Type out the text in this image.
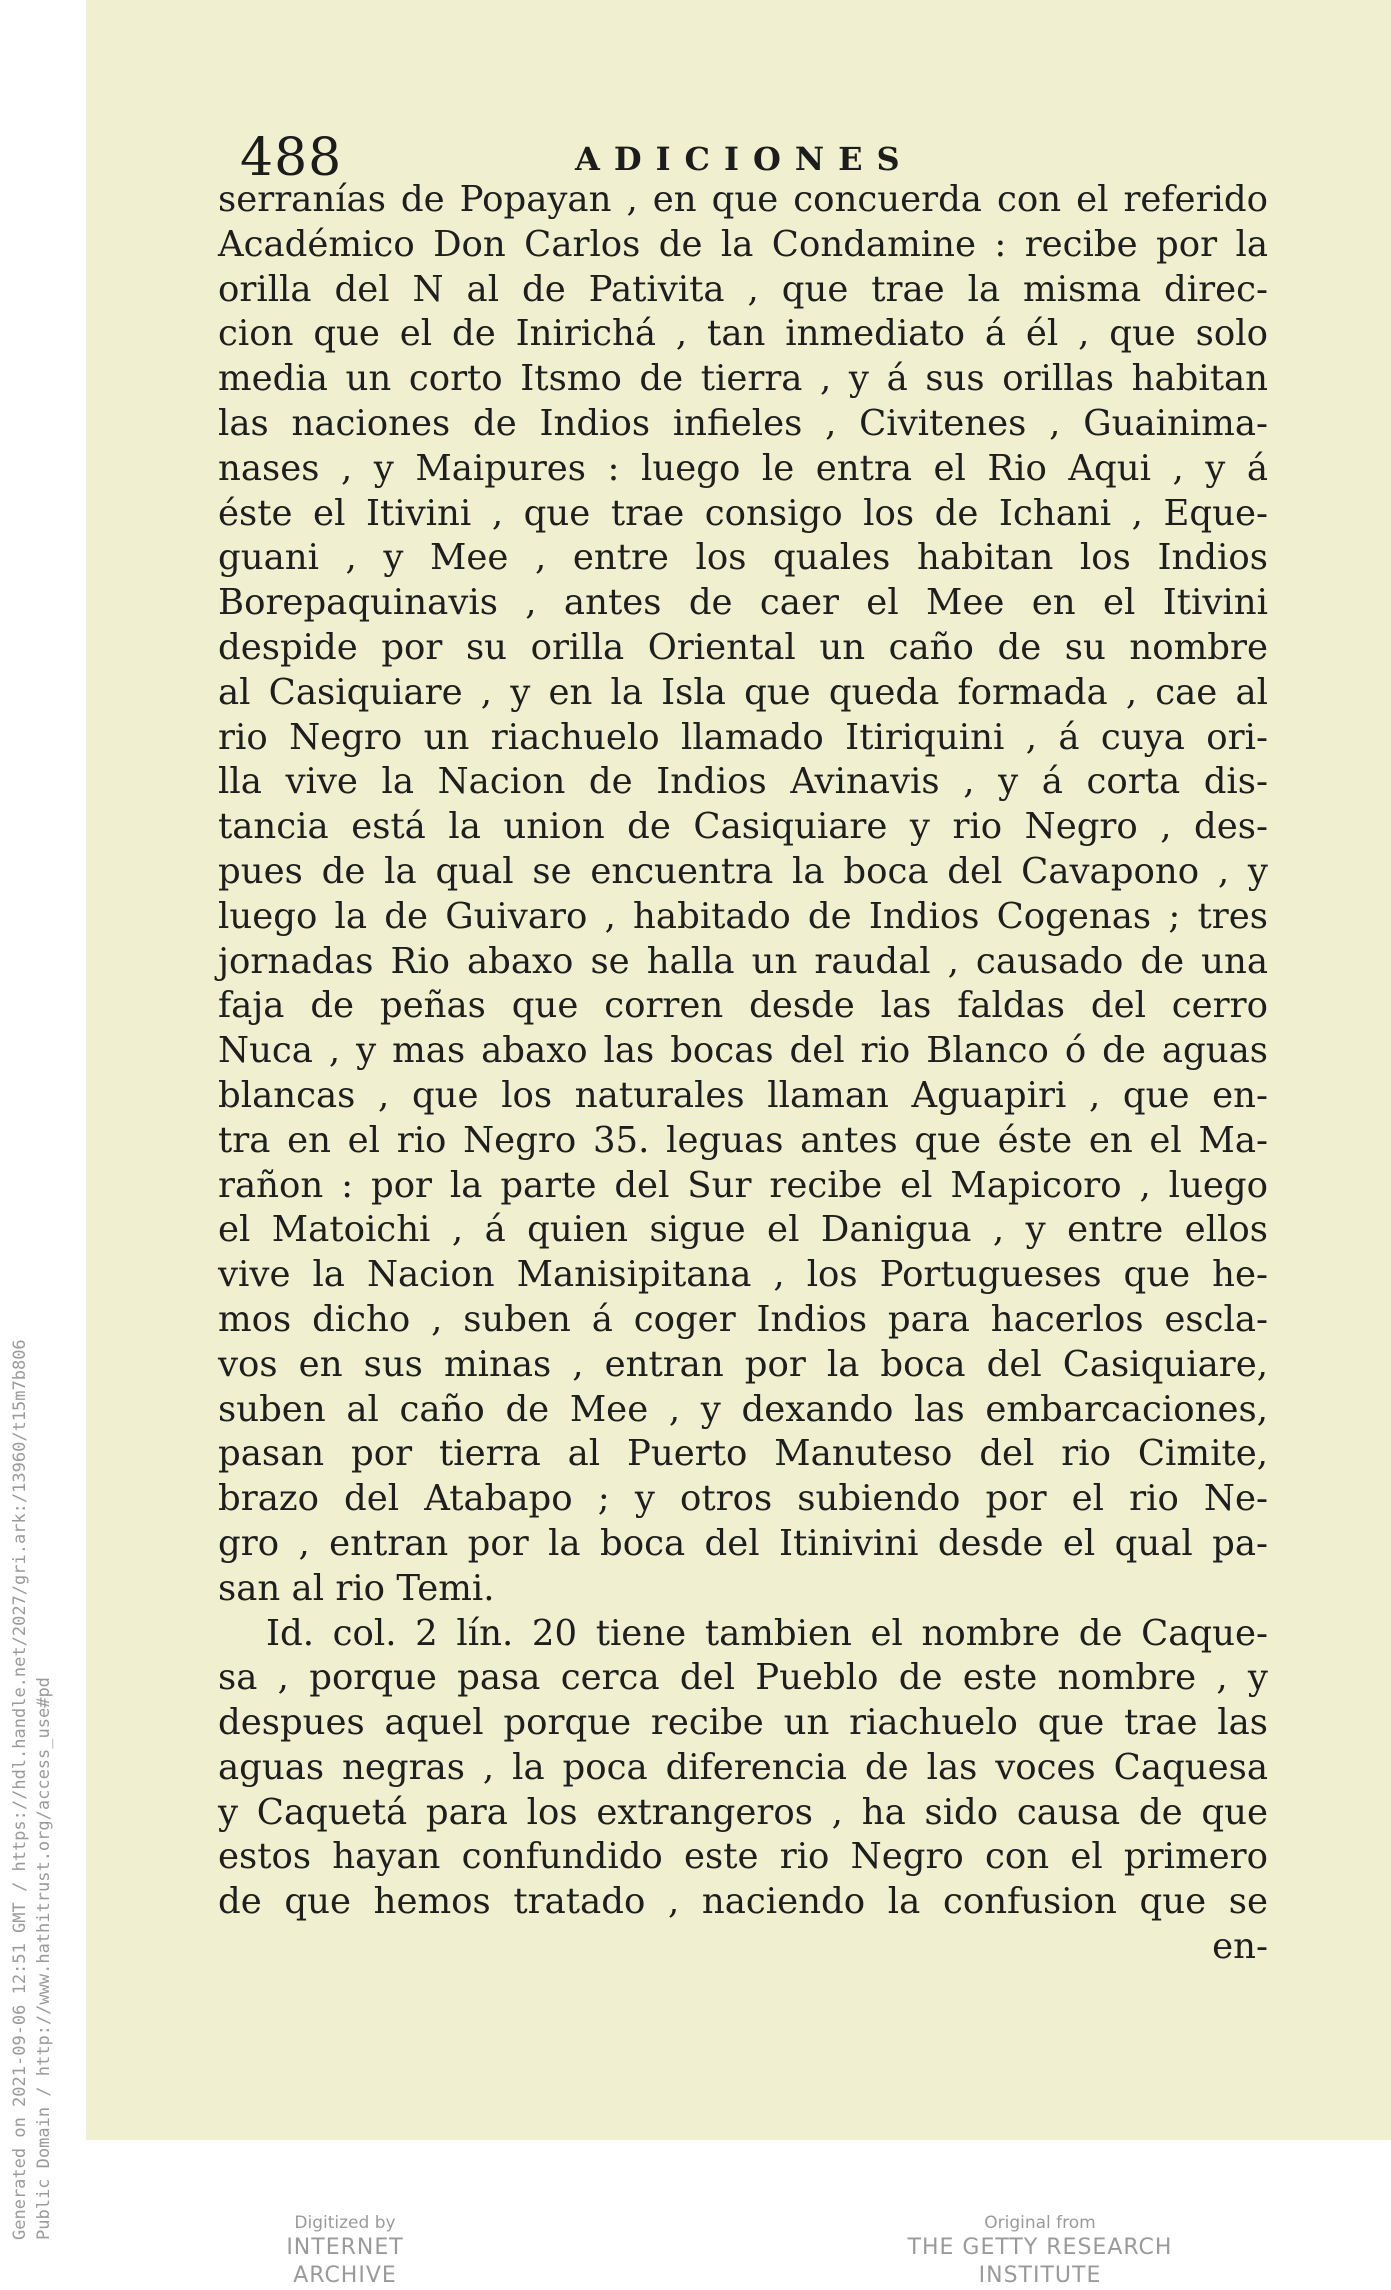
488	ADICIONES
serranías de Popayan , en que concuerda con el referido
Académico Don Carlos de la Condamine : recibe por la
orilla del N al de Pativita , que trae la misma direc-
cion que el de Inirichá , tan inmediato á él , que solo
media un corto Itsmo de tierra , y á sus orillas habitan
las naciones de Indios infieles , Civitenes , Guainima-
nases , y Maipures : luego le entra el Rio Aqui , y á
éste el Itivini , que trae consigo los de Ichani , Eque-
guani , y Mee , entre los quales habitan los Indios
Borepaquinavis , antes de caer el Mee en el Itivini
despide por su orilla Oriental un caño de su nombre
al Casiquiare , y en la Isla que queda formada , cae al
rio Negro un riachuelo llamado Itiriquini , á cuya ori-
lla vive la Nacion de Indios Avinavis , y á corta dis-
tancia está la union de Casiquiare y rio Negro , des-
pues de la qual se encuentra la boca del Cavapono , y
luego la de Guivaro , habitado de Indios Cogenas ; tres
jornadas Rio abaxo se halla un raudal , causado de una
faja de peñas que corren desde las faldas del cerro
Nuca , y mas abaxo las bocas del rio Blanco ó de aguas
blancas , que los naturales llaman Aguapiri , que en-
tra en el rio Negro 35. leguas antes que éste en el Ma-
rañon : por la parte del Sur recibe el Mapicoro , luego
el Matoichi , á quien sigue el Danigua , y entre ellos
vive la Nacion Manisipitana , los Portugueses que he-
mos dicho , suben á coger Indios para hacerlos escla-
vos en sus minas , entran por la boca del Casiquiare,
suben al caño de Mee , y dexando las embarcaciones,
pasan por tierra al Puerto Manuteso del rio Cimite,
brazo del Atabapo ; y otros subiendo por el rio Ne-
gro , entran por la boca del Itinivini desde el qual pa-
san al rio Temi.
Id. col. 2 lín. 20 tiene tambien el nombre de Caque-
sa , porque pasa cerca del Pueblo de este nombre , y
despues aquel porque recibe un riachuelo que trae las
aguas negras , la poca diferencia de las voces Caquesa
y Caquetá para los extrangeros , ha sido causa de que
estos hayan confundido este rio Negro con el primero
de que hemos tratado , naciendo la confusion que se
en-
Generated on 2021-09-06 12:51 GMT / https://hdl.handle.net/2027/gri.ark:/13960/t15m7b806 Public Domain / http://www.hathitrust.org/access_use#pd	Digitized by
INTERNET ARCHIVE
Original from
THE GETTY RESEARCH INSTITUTE
